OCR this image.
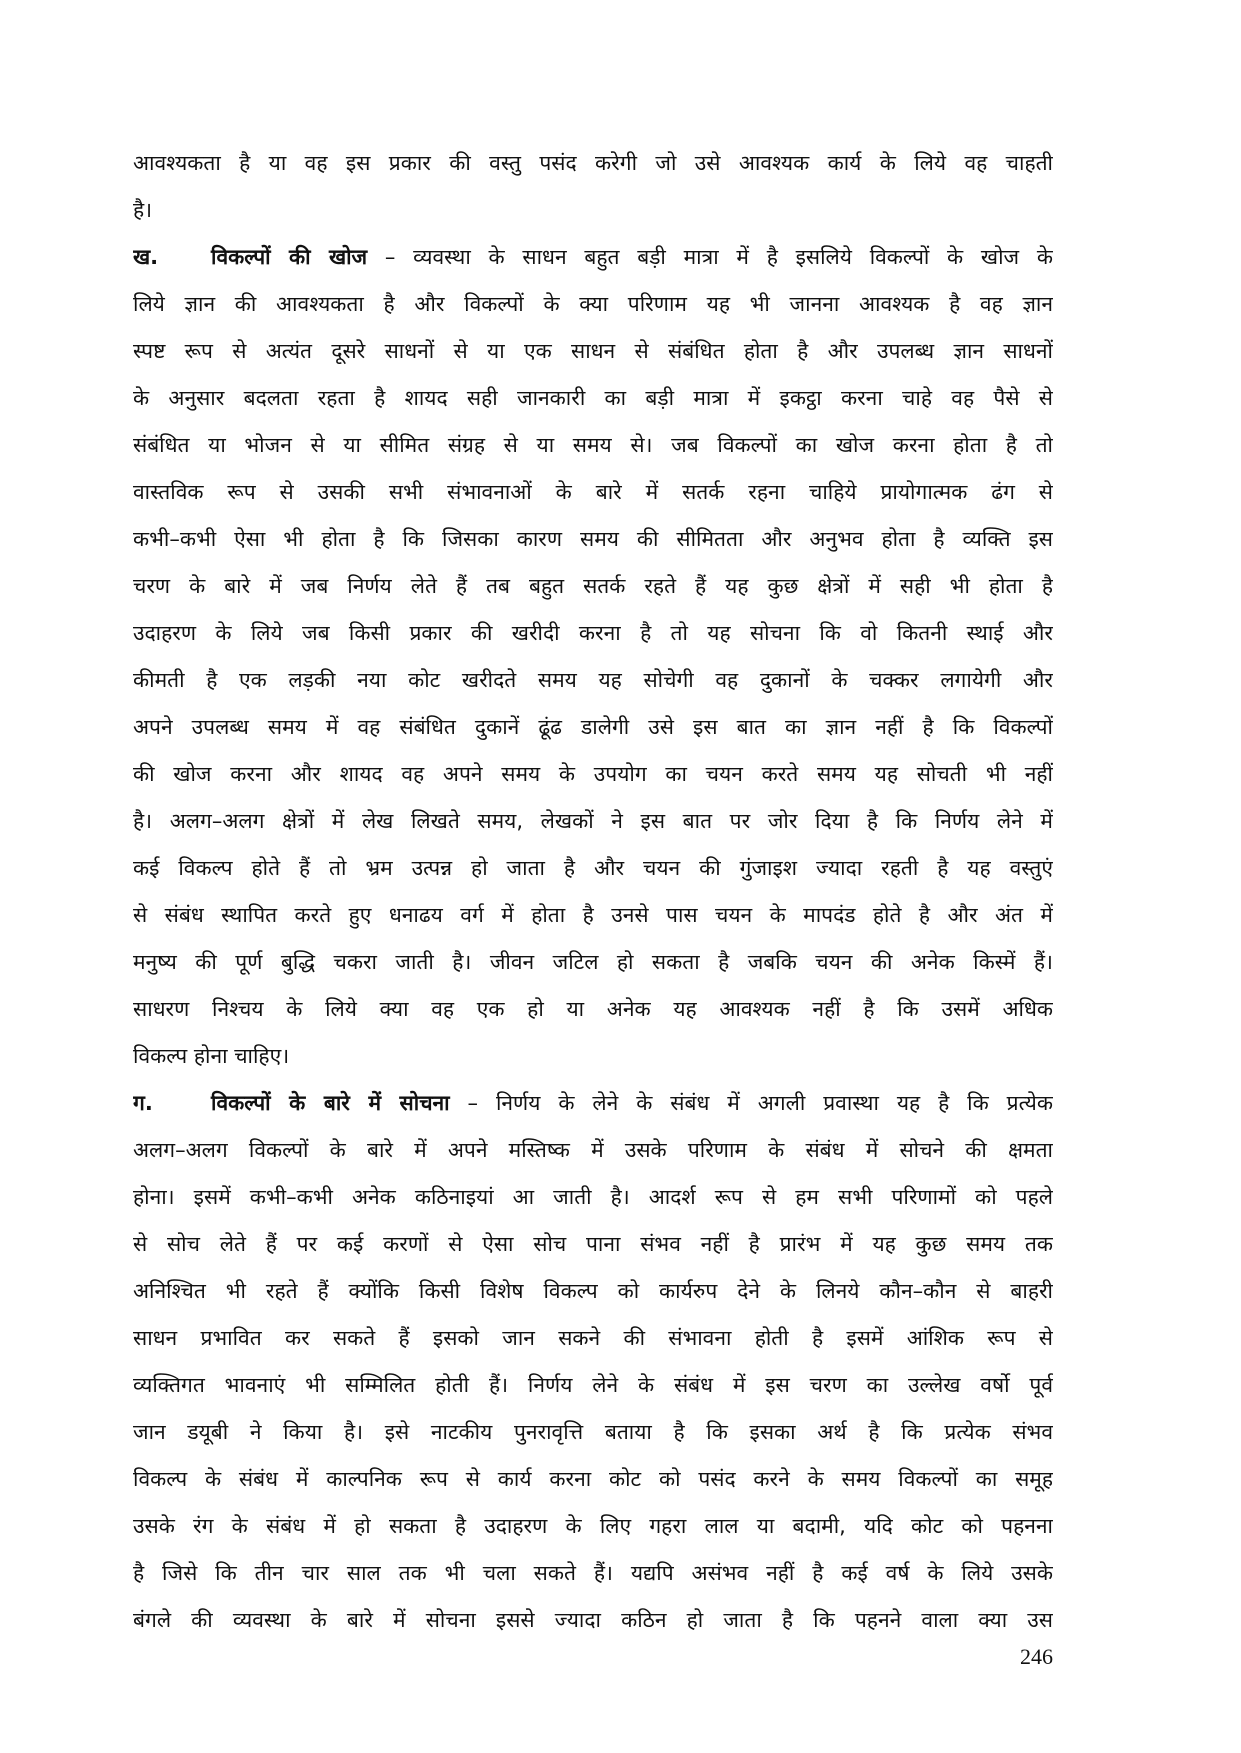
आवश्यकता है या वह इस प्रकार की वस्तु पसंद करेगी जो उसे आवश्यक कार्य के लिये वह चाहती
है।
ख.	विकल्पों की खोज – व्यवस्था के साधन बहुत बड़ी मात्रा में है इसलिये विकल्पों के खोज के
लिये ज्ञान की आवश्यकता है और विकल्पों के क्या परिणाम यह भी जानना आवश्यक है वह ज्ञान
स्पष्ट रूप से अत्यंत दूसरे साधनों से या एक साधन से संबंधित होता है और उपलब्ध ज्ञान साधनों
के अनुसार बदलता रहता है शायद सही जानकारी का बड़ी मात्रा में इकट्ठा करना चाहे वह पैसे से
संबंधित या भोजन से या सीमित संग्रह से या समय से। जब विकल्पों का खोज करना होता है तो
वास्तविक रूप से उसकी सभी संभावनाओं के बारे में सतर्क रहना चाहिये प्रायोगात्मक ढंग से
कभी–कभी ऐसा भी होता है कि जिसका कारण समय की सीमितता और अनुभव होता है व्यक्ति इस
चरण के बारे में जब निर्णय लेते हैं तब बहुत सतर्क रहते हैं यह कुछ क्षेत्रों में सही भी होता है
उदाहरण के लिये जब किसी प्रकार की खरीदी करना है तो यह सोचना कि वो कितनी स्थाई और
कीमती है एक लड़की नया कोट खरीदते समय यह सोचेगी वह दुकानों के चक्कर लगायेगी और
अपने उपलब्ध समय में वह संबंधित दुकानें ढूंढ डालेगी उसे इस बात का ज्ञान नहीं है कि विकल्पों
की खोज करना और शायद वह अपने समय के उपयोग का चयन करते समय यह सोचती भी नहीं
है। अलग–अलग क्षेत्रों में लेख लिखते समय, लेखकों ने इस बात पर जोर दिया है कि निर्णय लेने में
कई विकल्प होते हैं तो भ्रम उत्पन्न हो जाता है और चयन की गुंजाइश ज्यादा रहती है यह वस्तुएं
से संबंध स्थापित करते हुए धनाढय वर्ग में होता है उनसे पास चयन के मापदंड होते है और अंत में
मनुष्य की पूर्ण बुद्धि चकरा जाती है। जीवन जटिल हो सकता है जबकि चयन की अनेक किस्में हैं।
साधरण निश्चय के लिये क्या वह एक हो या अनेक यह आवश्यक नहीं है कि उसमें अधिक
विकल्प होना चाहिए।
ग.	विकल्पों के बारे में सोचना – निर्णय के लेने के संबंध में अगली प्रवास्था यह है कि प्रत्येक
अलग–अलग विकल्पों के बारे में अपने मस्तिष्क में उसके परिणाम के संबंध में सोचने की क्षमता
होना। इसमें कभी–कभी अनेक कठिनाइयां आ जाती है। आदर्श रूप से हम सभी परिणामों को पहले
से सोच लेते हैं पर कई करणों से ऐसा सोच पाना संभव नहीं है प्रारंभ में यह कुछ समय तक
अनिश्चित भी रहते हैं क्योंकि किसी विशेष विकल्प को कार्यरुप देने के लिनये कौन–कौन से बाहरी
साधन प्रभावित कर सकते हैं इसको जान सकने की संभावना होती है इसमें आंशिक रूप से
व्यक्तिगत भावनाएं भी सम्मिलित होती हैं। निर्णय लेने के संबंध में इस चरण का उल्लेख वर्षो पूर्व
जान डयूबी ने किया है। इसे नाटकीय पुनरावृत्ति बताया है कि इसका अर्थ है कि प्रत्येक संभव
विकल्प के संबंध में काल्पनिक रूप से कार्य करना कोट को पसंद करने के समय विकल्पों का समूह
उसके रंग के संबंध में हो सकता है उदाहरण के लिए गहरा लाल या बदामी, यदि कोट को पहनना
है जिसे कि तीन चार साल तक भी चला सकते हैं। यद्यपि असंभव नहीं है कई वर्ष के लिये उसके
बंगले की व्यवस्था के बारे में सोचना इससे ज्यादा कठिन हो जाता है कि पहनने वाला क्या उस
246
